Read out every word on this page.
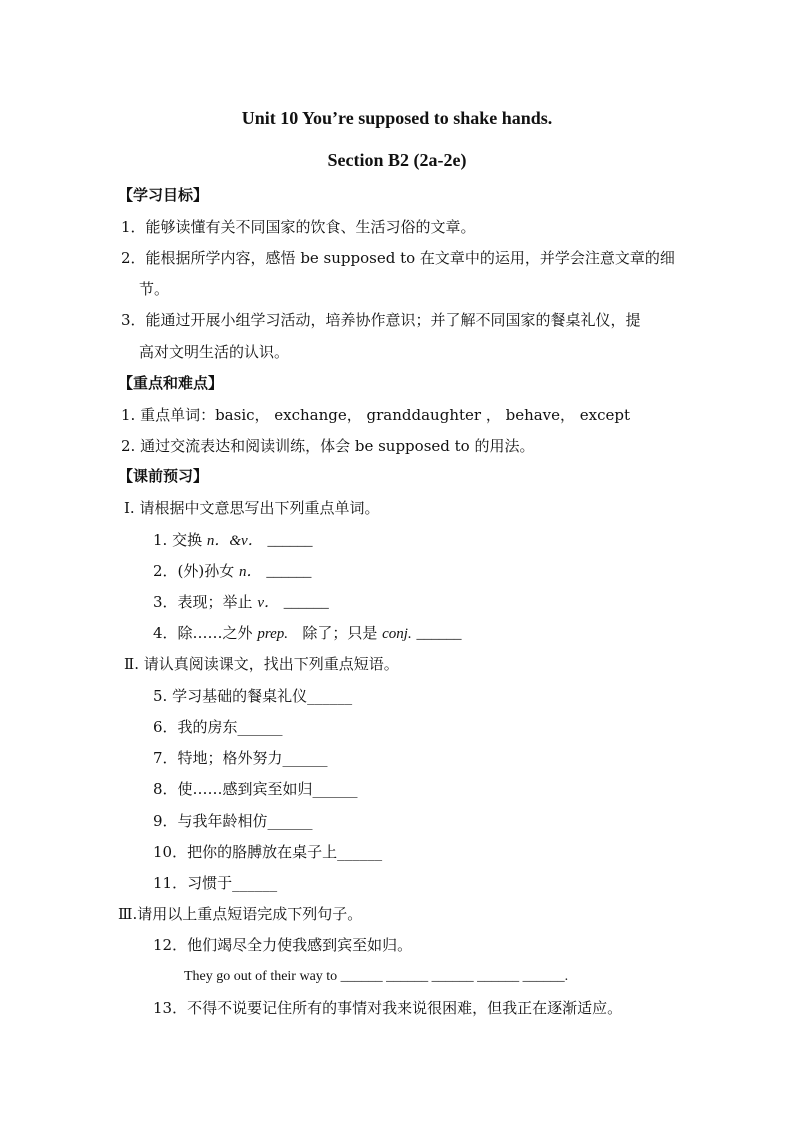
Unit 10 You’re supposed to shake hands.
Section B2 (2a-2e)
【学习目标】
1．能够读懂有关不同国家的饮食、生活习俗的文章。
2．能根据所学内容，感悟 be supposed to 在文章中的运用，并学会注意文章的细
节。
3．能通过开展小组学习活动，培养协作意识；并了解不同国家的餐桌礼仪，提
高对文明生活的认识。
【重点和难点】
1. 重点单词：basic， exchange， granddaughter ， behave， except
2. 通过交流表达和阅读训练，体会 be supposed to 的用法。
【课前预习】
Ⅰ. 请根据中文意思写出下列重点单词。
1. 交换 n．&v． ______
2．(外)孙女 n． ______
3．表现；举止 v． ______
4．除……之外 prep. 除了；只是 conj. ______
Ⅱ. 请认真阅读课文，找出下列重点短语。
5. 学习基础的餐桌礼仪______
6．我的房东______
7．特地；格外努力______
8．使……感到宾至如归______
9．与我年龄相仿______
10．把你的胳膊放在桌子上______
11．习惯于______
Ⅲ.请用以上重点短语完成下列句子。
12．他们竭尽全力使我感到宾至如归。
They go out of their way to ______ ______ ______ ______ ______.
13．不得不说要记住所有的事情对我来说很困难，但我正在逐渐适应。
